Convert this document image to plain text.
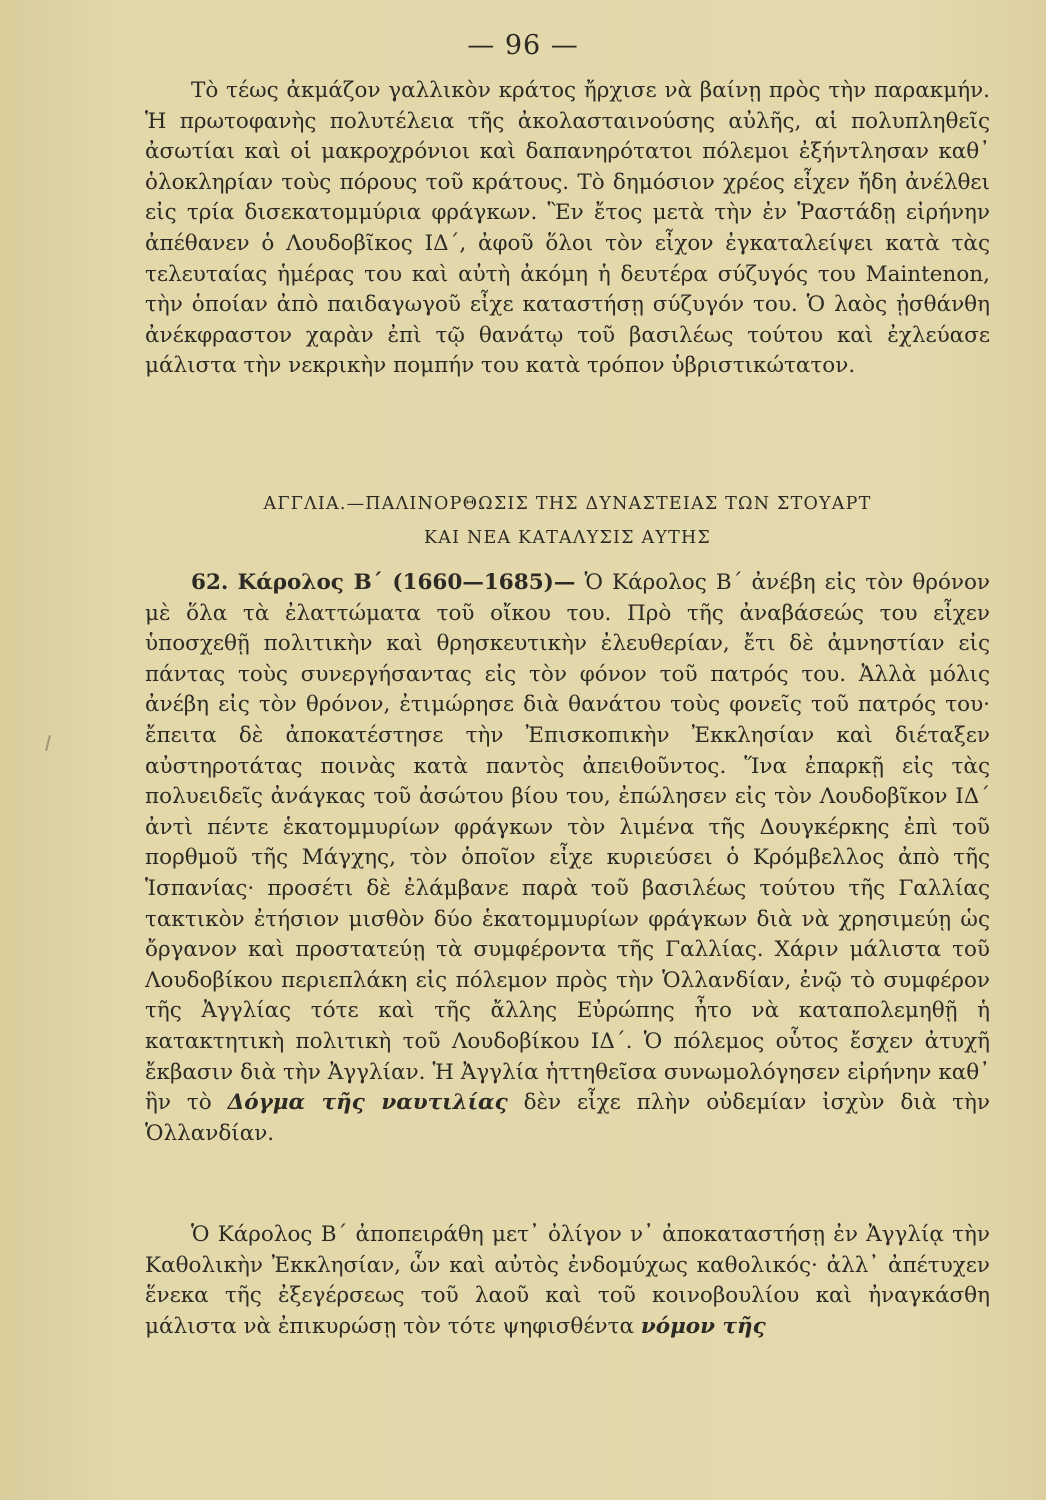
— 96 —
Τὸ τέως ἀκμάζον γαλλικὸν κράτος ἤρχισε νὰ βαίνῃ πρὸς τὴν παρακμήν. Ἡ πρωτοφανὴς πολυτέλεια τῆς ἀκολασταινούσης αὐλῆς, αἱ πολυπληθεῖς ἀσωτίαι καὶ οἱ μακροχρόνιοι καὶ δαπανηρότατοι πόλεμοι ἐξήντλησαν καθ᾽ ὁλοκληρίαν τοὺς πόρους τοῦ κράτους. Τὸ δημόσιον χρέος εἶχεν ἤδη ἀνέλθει εἰς τρία δισεκατομμύρια φράγκων. Ἓν ἔτος μετὰ τὴν ἐν Ῥαστάδῃ εἰρήνην ἀπέθανεν ὁ Λουδοβῖκος ΙΔ΄, ἀφοῦ ὅλοι τὸν εἶχον ἐγκαταλείψει κατὰ τὰς τελευταίας ἡμέρας του καὶ αὐτὴ ἀκόμη ἡ δευτέρα σύζυγός του Maintenon, τὴν ὁποίαν ἀπὸ παιδαγωγοῦ εἶχε καταστήσῃ σύζυγόν του. Ὁ λαὸς ᾐσθάνθη ἀνέκφραστον χαρὰν ἐπὶ τῷ θανάτῳ τοῦ βασιλέως τούτου καὶ ἐχλεύασε μάλιστα τὴν νεκρικὴν πομπήν του κατὰ τρόπον ὑβριστικώτατον.
ΑΓΓΛΙΑ.—ΠΑΛΙΝΟΡΘΩΣΙΣ ΤΗΣ ΔΥΝΑΣΤΕΙΑΣ ΤΩΝ ΣΤΟΥΑΡΤ
ΚΑΙ ΝΕΑ ΚΑΤΑΛΥΣΙΣ ΑΥΤΗΣ
62. Κάρολος Β΄ (1660—1685)— Ὁ Κάρολος Β΄ ἀνέβη εἰς τὸν θρόνον μὲ ὅλα τὰ ἐλαττώματα τοῦ οἴκου του. Πρὸ τῆς ἀναβάσεώς του εἶχεν ὑποσχεθῇ πολιτικὴν καὶ θρησκευτικὴν ἐλευθερίαν, ἔτι δὲ ἀμνηστίαν εἰς πάντας τοὺς συνεργήσαντας εἰς τὸν φόνον τοῦ πατρός του. Ἀλλὰ μόλις ἀνέβη εἰς τὸν θρόνον, ἐτιμώρησε διὰ θανάτου τοὺς φονεῖς τοῦ πατρός του· ἔπειτα δὲ ἀποκατέστησε τὴν Ἐπισκοπικὴν Ἐκκλησίαν καὶ διέταξεν αὐστηροτάτας ποινὰς κατὰ παντὸς ἀπειθοῦντος. Ἵνα ἐπαρκῇ εἰς τὰς πολυειδεῖς ἀνάγκας τοῦ ἀσώτου βίου του, ἐπώλησεν εἰς τὸν Λουδοβῖκον ΙΔ΄ ἀντὶ πέντε ἑκατομμυρίων φράγκων τὸν λιμένα τῆς Δουγκέρκης ἐπὶ τοῦ πορθμοῦ τῆς Μάγχης, τὸν ὁποῖον εἶχε κυριεύσει ὁ Κρόμβελλος ἀπὸ τῆς Ἱσπανίας· προσέτι δὲ ἐλάμβανε παρὰ τοῦ βασιλέως τούτου τῆς Γαλλίας τακτικὸν ἐτήσιον μισθὸν δύο ἑκατομμυρίων φράγκων διὰ νὰ χρησιμεύῃ ὡς ὄργανον καὶ προστατεύῃ τὰ συμφέροντα τῆς Γαλλίας. Χάριν μάλιστα τοῦ Λουδοβίκου περιεπλάκη εἰς πόλεμον πρὸς τὴν Ὁλλανδίαν, ἐνῷ τὸ συμφέρον τῆς Ἀγγλίας τότε καὶ τῆς ἄλλης Εὐρώπης ἦτο νὰ καταπολεμηθῇ ἡ κατακτητικὴ πολιτικὴ τοῦ Λουδοβίκου ΙΔ΄. Ὁ πόλεμος οὗτος ἔσχεν ἀτυχῆ ἔκβασιν διὰ τὴν Ἀγγλίαν. Ἡ Ἀγγλία ἡττηθεῖσα συνωμολόγησεν εἰρήνην καθ᾽ ἣν τὸ Δόγμα τῆς ναυτιλίας δὲν εἶχε πλὴν οὐδεμίαν ἰσχὺν διὰ τὴν Ὁλλανδίαν.
Ὁ Κάρολος Β΄ ἀποπειράθη μετ᾽ ὀλίγον ν᾽ ἀποκαταστήσῃ ἐν Ἀγγλίᾳ τὴν Καθολικὴν Ἐκκλησίαν, ὧν καὶ αὐτὸς ἐνδομύχως καθολικός· ἀλλ᾽ ἀπέτυχεν ἕνεκα τῆς ἐξεγέρσεως τοῦ λαοῦ καὶ τοῦ κοινοβουλίου καὶ ἠναγκάσθη μάλιστα νὰ ἐπικυρώσῃ τὸν τότε ψηφισθέντα νόμον τῆς
